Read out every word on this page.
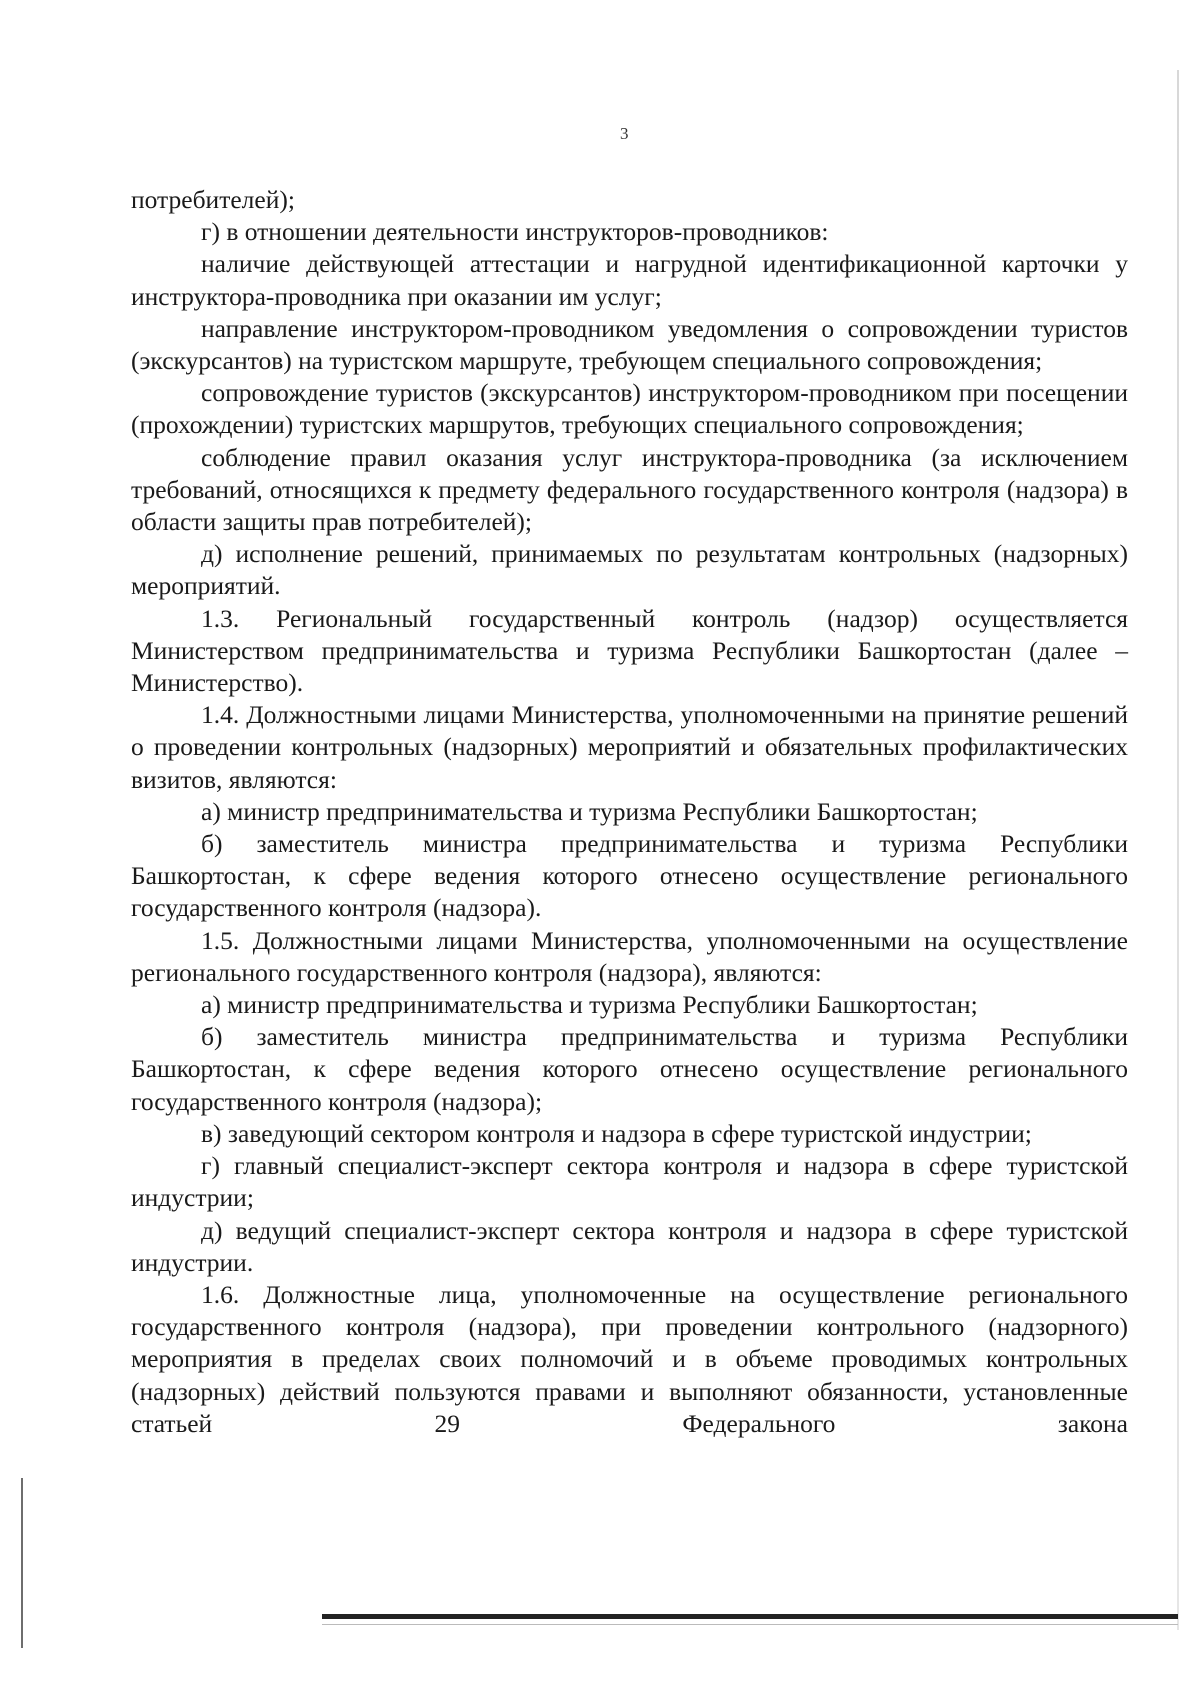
3

потребителей);

г) в отношении деятельности инструкторов-проводников:

наличие действующей аттестации и нагрудной идентификационной карточки у инструктора-проводника при оказании им услуг;

направление инструктором-проводником уведомления о сопровождении туристов (экскурсантов) на туристском маршруте, требующем специального сопровождения;

сопровождение туристов (экскурсантов) инструктором-проводником при посещении (прохождении) туристских маршрутов, требующих специального сопровождения;

соблюдение правил оказания услуг инструктора-проводника (за исключением требований, относящихся к предмету федерального государственного контроля (надзора) в области защиты прав потребителей);

д) исполнение решений, принимаемых по результатам контрольных (надзорных) мероприятий.

1.3. Региональный государственный контроль (надзор) осуществляется Министерством предпринимательства и туризма Республики Башкортостан (далее – Министерство).

1.4. Должностными лицами Министерства, уполномоченными на принятие решений о проведении контрольных (надзорных) мероприятий и обязательных профилактических визитов, являются:

а) министр предпринимательства и туризма Республики Башкортостан;

б) заместитель министра предпринимательства и туризма Республики Башкортостан, к сфере ведения которого отнесено осуществление регионального государственного контроля (надзора).

1.5. Должностными лицами Министерства, уполномоченными на осуществление регионального государственного контроля (надзора), являются:

а) министр предпринимательства и туризма Республики Башкортостан;

б) заместитель министра предпринимательства и туризма Республики Башкортостан, к сфере ведения которого отнесено осуществление регионального государственного контроля (надзора);

в) заведующий сектором контроля и надзора в сфере туристской индустрии;

г) главный специалист-эксперт сектора контроля и надзора в сфере туристской индустрии;

д) ведущий специалист-эксперт сектора контроля и надзора в сфере туристской индустрии.

1.6. Должностные лица, уполномоченные на осуществление регионального государственного контроля (надзора), при проведении контрольного (надзорного) мероприятия в пределах своих полномочий и в объеме проводимых контрольных (надзорных) действий пользуются правами и выполняют обязанности, установленные статьей 29 Федерального закона
